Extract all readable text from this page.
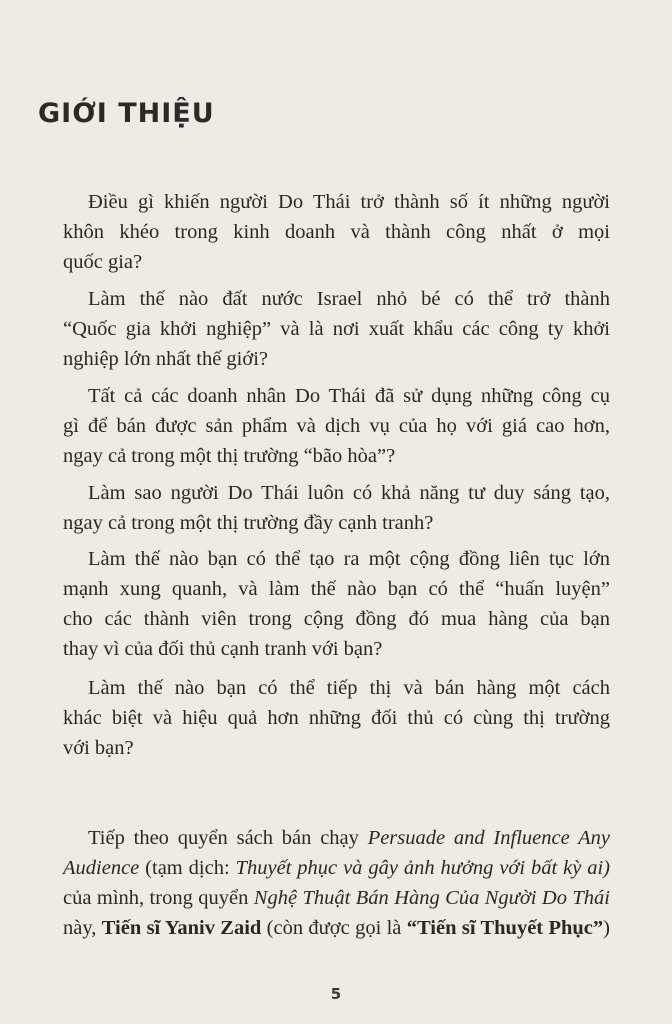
GIỚI THIỆU
Điều gì khiến người Do Thái trở thành số ít những người
khôn khéo trong kinh doanh và thành công nhất ở mọi
quốc gia?
Làm thế nào đất nước Israel nhỏ bé có thể trở thành
“Quốc gia khởi nghiệp” và là nơi xuất khẩu các công ty khởi
nghiệp lớn nhất thế giới?
Tất cả các doanh nhân Do Thái đã sử dụng những công cụ
gì để bán được sản phẩm và dịch vụ của họ với giá cao hơn,
ngay cả trong một thị trường “bão hòa”?
Làm sao người Do Thái luôn có khả năng tư duy sáng tạo,
ngay cả trong một thị trường đầy cạnh tranh?
Làm thế nào bạn có thể tạo ra một cộng đồng liên tục lớn
mạnh xung quanh, và làm thế nào bạn có thể “huấn luyện”
cho các thành viên trong cộng đồng đó mua hàng của bạn
thay vì của đối thủ cạnh tranh với bạn?
Làm thế nào bạn có thể tiếp thị và bán hàng một cách
khác biệt và hiệu quả hơn những đối thủ có cùng thị trường
với bạn?
Tiếp theo quyển sách bán chạy Persuade and Influence Any
Audience (tạm dịch: Thuyết phục và gây ảnh hưởng với bất kỳ ai)
của mình, trong quyển Nghệ Thuật Bán Hàng Của Người Do Thái
này, Tiến sĩ Yaniv Zaid (còn được gọi là “Tiến sĩ Thuyết Phục”)
5
